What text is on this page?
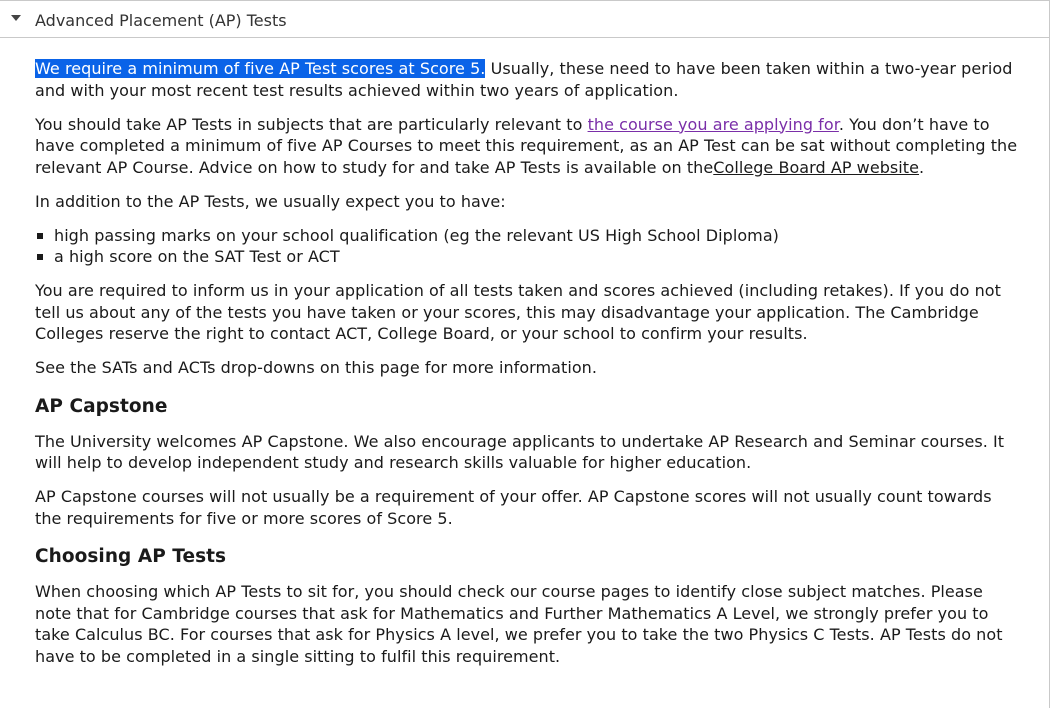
Advanced Placement (AP) Tests

We require a minimum of five AP Test scores at Score 5. Usually, these need to have been taken within a two-year period and with your most recent test results achieved within two years of application.

You should take AP Tests in subjects that are particularly relevant to the course you are applying for. You don’t have to have completed a minimum of five AP Courses to meet this requirement, as an AP Test can be sat without completing the relevant AP Course. Advice on how to study for and take AP Tests is available on theCollege Board AP website.

In addition to the AP Tests, we usually expect you to have:

high passing marks on your school qualification (eg the relevant US High School Diploma)
a high score on the SAT Test or ACT

You are required to inform us in your application of all tests taken and scores achieved (including retakes). If you do not tell us about any of the tests you have taken or your scores, this may disadvantage your application. The Cambridge Colleges reserve the right to contact ACT, College Board, or your school to confirm your results.

See the SATs and ACTs drop-downs on this page for more information.

AP Capstone

The University welcomes AP Capstone. We also encourage applicants to undertake AP Research and Seminar courses. It will help to develop independent study and research skills valuable for higher education.

AP Capstone courses will not usually be a requirement of your offer. AP Capstone scores will not usually count towards the requirements for five or more scores of Score 5.

Choosing AP Tests

When choosing which AP Tests to sit for, you should check our course pages to identify close subject matches. Please note that for Cambridge courses that ask for Mathematics and Further Mathematics A Level, we strongly prefer you to take Calculus BC. For courses that ask for Physics A level, we prefer you to take the two Physics C Tests. AP Tests do not have to be completed in a single sitting to fulfil this requirement.
